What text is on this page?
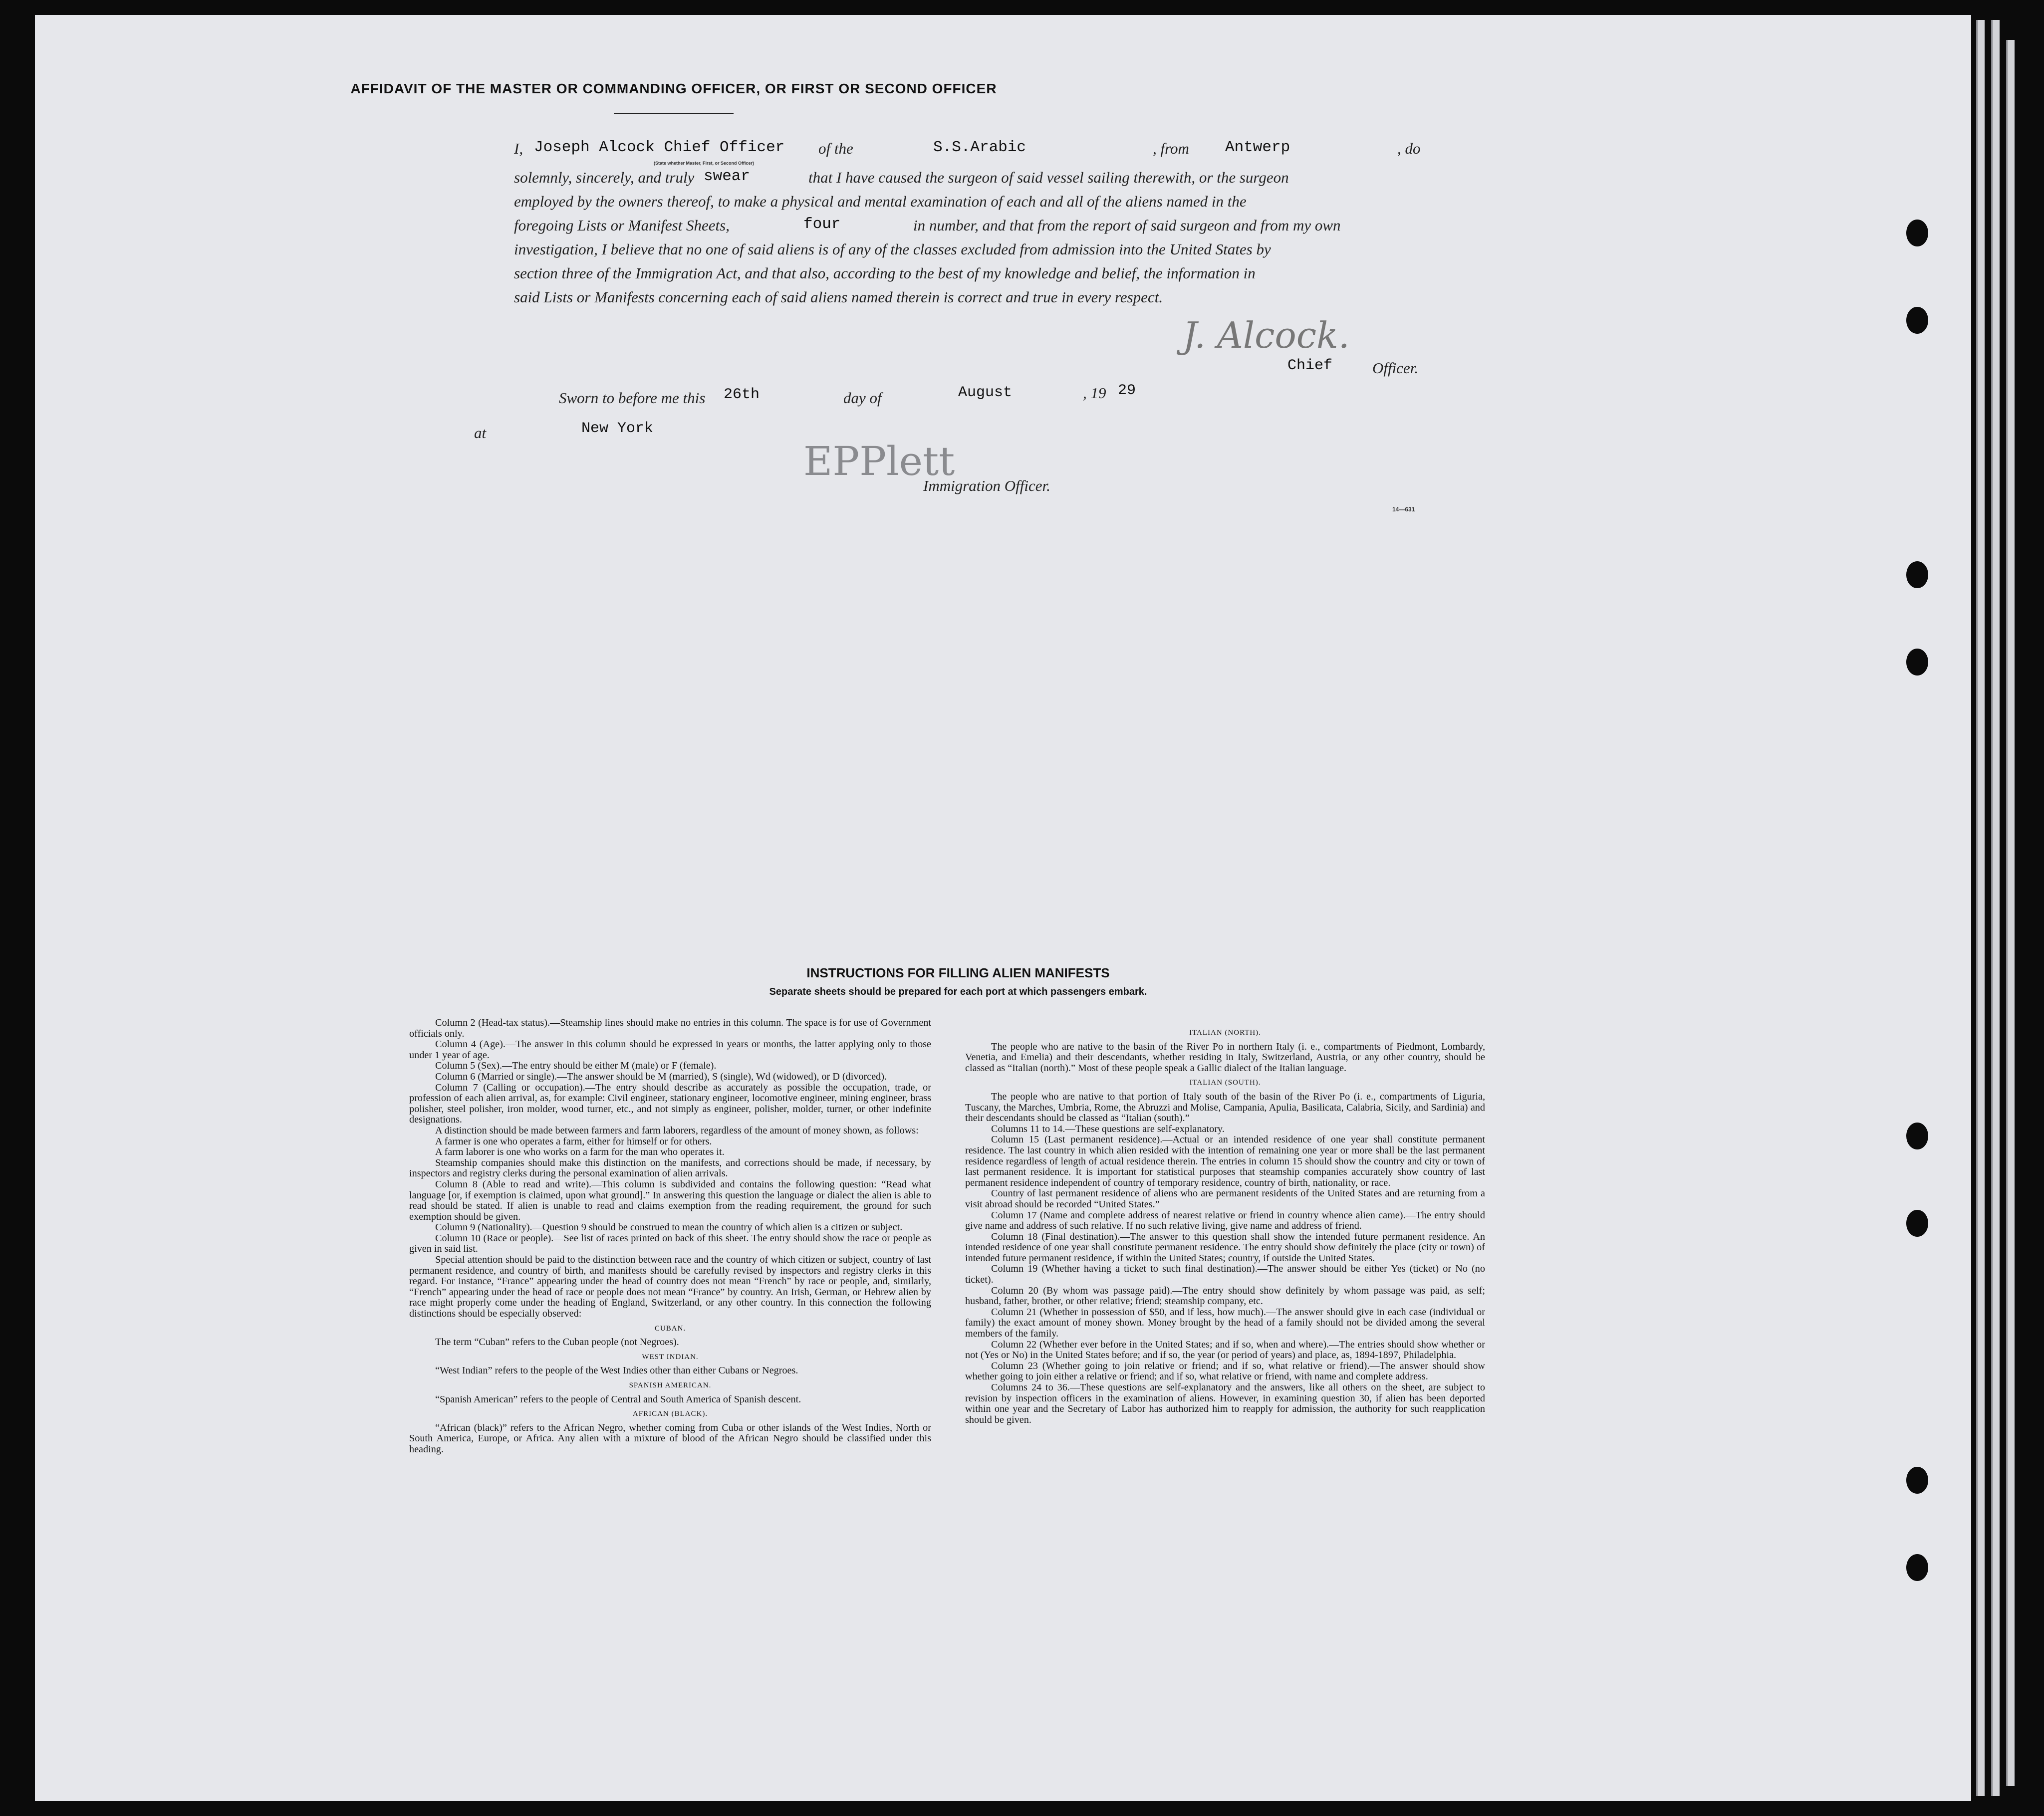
AFFIDAVIT OF THE MASTER OR COMMANDING OFFICER, OR FIRST OR SECOND OFFICER
I, Joseph Alcock Chief Officer of the	S.S.Arabic	, from Antwerp	, do
(State whether Master, First, or Second Officer)
solemnly, sincerely, and truly swear	that I have caused the surgeon of said vessel sailing therewith, or the surgeon
employed by the owners thereof, to make a physical and mental examination of each and all of the aliens named in the
foregoing Lists or Manifest Sheets,	four	in number, and that from the report of said surgeon and from my own
investigation, I believe that no one of said aliens is of any of the classes excluded from admission into the United States by
section three of the Immigration Act, and that also, according to the best of my knowledge and belief, the information in
said Lists or Manifests concerning each of said aliens named therein is correct and true in every respect.
J. Alcock.
Chief	Officer.
Sworn to before me this 26th	day of	August	, 19 29
at	New York
EPPlett
Immigration Officer.
14—631
INSTRUCTIONS FOR FILLING ALIEN MANIFESTS
Separate sheets should be prepared for each port at which passengers embark.

Column 2 (Head-tax status).—Steamship lines should make no entries in this column. The space is for use of Government officials only.

Column 4 (Age).—The answer in this column should be expressed in years or months, the latter applying only to those under 1 year of age.

Column 5 (Sex).—The entry should be either M (male) or F (female).

Column 6 (Married or single).—The answer should be M (married), S (single), Wd (widowed), or D (divorced).

Column 7 (Calling or occupation).—The entry should describe as accurately as possible the occupation, trade, or profession of each alien arrival, as, for example: Civil engineer, stationary engineer, locomotive engineer, mining engineer, brass polisher, steel polisher, iron molder, wood turner, etc., and not simply as engineer, polisher, molder, turner, or other indefinite designations.

A distinction should be made between farmers and farm laborers, regardless of the amount of money shown, as follows:

A farmer is one who operates a farm, either for himself or for others.

A farm laborer is one who works on a farm for the man who operates it.

Steamship companies should make this distinction on the manifests, and corrections should be made, if necessary, by inspectors and registry clerks during the personal examination of alien arrivals.

Column 8 (Able to read and write).—This column is subdivided and contains the following question: “Read what language [or, if exemption is claimed, upon what ground].” In answering this question the language or dialect the alien is able to read should be stated. If alien is unable to read and claims exemption from the reading requirement, the ground for such exemption should be given.

Column 9 (Nationality).—Question 9 should be construed to mean the country of which alien is a citizen or subject.

Column 10 (Race or people).—See list of races printed on back of this sheet. The entry should show the race or people as given in said list.

Special attention should be paid to the distinction between race and the country of which citizen or subject, country of last permanent residence, and country of birth, and manifests should be carefully revised by inspectors and registry clerks in this regard. For instance, “France” appearing under the head of country does not mean “French” by race or people, and, similarly, “French” appearing under the head of race or people does not mean “France” by country. An Irish, German, or Hebrew alien by race might properly come under the heading of England, Switzerland, or any other country. In this connection the following distinctions should be especially observed:

CUBAN.

The term “Cuban” refers to the Cuban people (not Negroes).

WEST INDIAN.

“West Indian” refers to the people of the West Indies other than either Cubans or Negroes.

SPANISH AMERICAN.

“Spanish American” refers to the people of Central and South America of Spanish descent.

AFRICAN (BLACK).

“African (black)” refers to the African Negro, whether coming from Cuba or other islands of the West Indies, North or South America, Europe, or Africa. Any alien with a mixture of blood of the African Negro should be classified under this heading.

ITALIAN (NORTH).

The people who are native to the basin of the River Po in northern Italy (i. e., compartments of Piedmont, Lombardy, Venetia, and Emelia) and their descendants, whether residing in Italy, Switzerland, Austria, or any other country, should be classed as “Italian (north).” Most of these people speak a Gallic dialect of the Italian language.

ITALIAN (SOUTH).

The people who are native to that portion of Italy south of the basin of the River Po (i. e., compartments of Liguria, Tuscany, the Marches, Umbria, Rome, the Abruzzi and Molise, Campania, Apulia, Basilicata, Calabria, Sicily, and Sardinia) and their descendants should be classed as “Italian (south).”

Columns 11 to 14.—These questions are self-explanatory.

Column 15 (Last permanent residence).—Actual or an intended residence of one year shall constitute permanent residence. The last country in which alien resided with the intention of remaining one year or more shall be the last permanent residence regardless of length of actual residence therein. The entries in column 15 should show the country and city or town of last permanent residence. It is important for statistical purposes that steamship companies accurately show country of last permanent residence independent of country of temporary residence, country of birth, nationality, or race.

Country of last permanent residence of aliens who are permanent residents of the United States and are returning from a visit abroad should be recorded “United States.”

Column 17 (Name and complete address of nearest relative or friend in country whence alien came).—The entry should give name and address of such relative. If no such relative living, give name and address of friend.

Column 18 (Final destination).—The answer to this question shall show the intended future permanent residence. An intended residence of one year shall constitute permanent residence. The entry should show definitely the place (city or town) of intended future permanent residence, if within the United States; country, if outside the United States.

Column 19 (Whether having a ticket to such final destination).—The answer should be either Yes (ticket) or No (no ticket).

Column 20 (By whom was passage paid).—The entry should show definitely by whom passage was paid, as self; husband, father, brother, or other relative; friend; steamship company, etc.

Column 21 (Whether in possession of $50, and if less, how much).—The answer should give in each case (individual or family) the exact amount of money shown. Money brought by the head of a family should not be divided among the several members of the family.

Column 22 (Whether ever before in the United States; and if so, when and where).—The entries should show whether or not (Yes or No) in the United States before; and if so, the year (or period of years) and place, as, 1894-1897, Philadelphia.

Column 23 (Whether going to join relative or friend; and if so, what relative or friend).—The answer should show whether going to join either a relative or friend; and if so, what relative or friend, with name and complete address.

Columns 24 to 36.—These questions are self-explanatory and the answers, like all others on the sheet, are subject to revision by inspection officers in the examination of aliens. However, in examining question 30, if alien has been deported within one year and the Secretary of Labor has authorized him to reapply for admission, the authority for such reapplication should be given.
